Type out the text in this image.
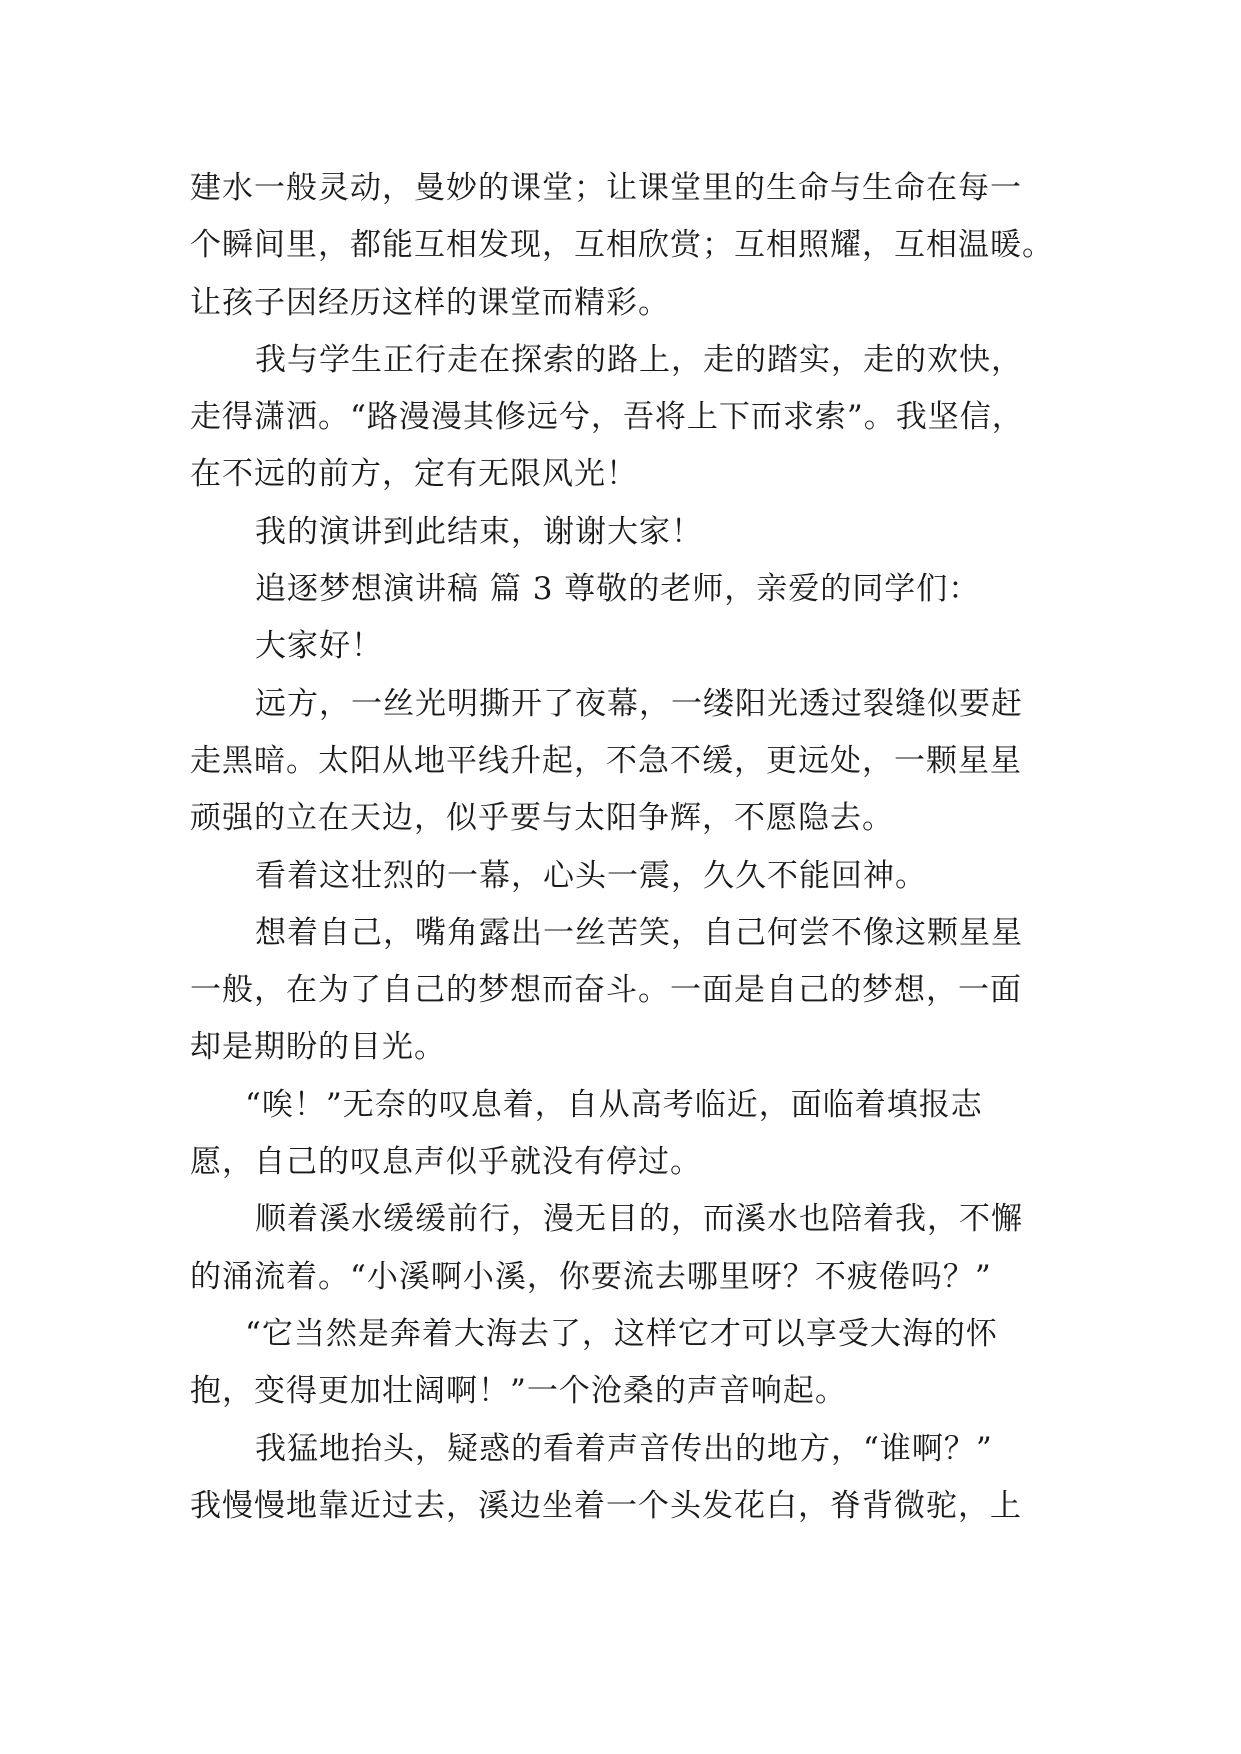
建水一般灵动，曼妙的课堂；让课堂里的生命与生命在每一
个瞬间里，都能互相发现，互相欣赏；互相照耀，互相温暖。
让孩子因经历这样的课堂而精彩。
我与学生正行走在探索的路上，走的踏实，走的欢快，
走得潇洒。“路漫漫其修远兮，吾将上下而求索”。我坚信，
在不远的前方，定有无限风光！
我的演讲到此结束，谢谢大家！
追逐梦想演讲稿 篇 3 尊敬的老师，亲爱的同学们：
大家好！
远方，一丝光明撕开了夜幕，一缕阳光透过裂缝似要赶
走黑暗。太阳从地平线升起，不急不缓，更远处，一颗星星
顽强的立在天边，似乎要与太阳争辉，不愿隐去。
看着这壮烈的一幕，心头一震，久久不能回神。
想着自己，嘴角露出一丝苦笑，自己何尝不像这颗星星
一般，在为了自己的梦想而奋斗。一面是自己的梦想，一面
却是期盼的目光。
“唉！”无奈的叹息着，自从高考临近，面临着填报志
愿，自己的叹息声似乎就没有停过。
顺着溪水缓缓前行，漫无目的，而溪水也陪着我，不懈
的涌流着。“小溪啊小溪，你要流去哪里呀？不疲倦吗？”
“它当然是奔着大海去了，这样它才可以享受大海的怀
抱，变得更加壮阔啊！”一个沧桑的声音响起。
我猛地抬头，疑惑的看着声音传出的地方，“谁啊？”
我慢慢地靠近过去，溪边坐着一个头发花白，脊背微驼，上
